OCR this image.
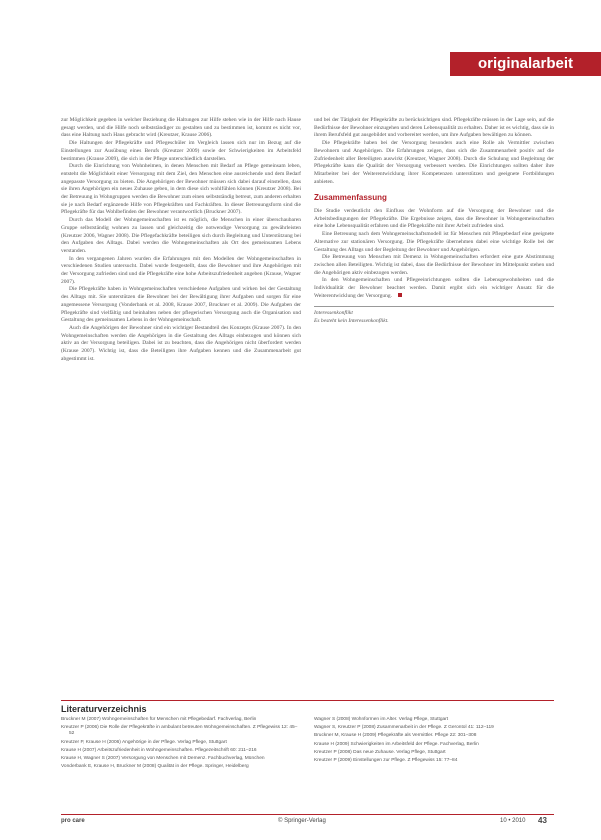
originalarbeit

zur Möglichkeit gegeben in welcher Beziehung die Haltungen zur Hilfe stehen wie in der Hilfe nach Hause gesagt werden, und die Hilfe noch selbstständiger zu gestalten und zu bestimmen ist, kommt es nicht vor, dass eine Haltung nach Haus gebracht wird (Kreutzer, Krause 2006).

Die Haltungen der Pflegekräfte und Pflegeschüler im Vergleich lassen sich nur im Bezug auf die Einstellungen zur Ausübung eines Berufs (Kreutzer 2009) sowie der Schwierigkeiten im Arbeitsfeld bestimmen (Krause 2009), die sich in der Pflege unterschiedlich darstellen.

Durch die Einrichtung von Wohnheimen, in denen Menschen mit Bedarf an Pflege gemeinsam leben, entsteht die Möglichkeit einer Versorgung mit dem Ziel, den Menschen eine ausreichende und dem Bedarf angepasste Versorgung zu bieten. Die Angehörigen der Bewohner müssen sich dabei darauf einstellen, dass sie ihren Angehörigen ein neues Zuhause geben, in dem diese sich wohlfühlen können (Kreutzer 2008). Bei der Betreuung in Wohngruppen werden die Bewohner zum einen selbstständig betreut, zum anderen erhalten sie je nach Bedarf ergänzende Hilfe von Pflegekräften und Fachkräften. In dieser Betreuungsform sind die Pflegekräfte für das Wohlbefinden der Bewohner verantwortlich (Bruckner 2007).

Durch das Modell der Wohngemeinschaften ist es möglich, die Menschen in einer überschaubaren Gruppe selbstständig wohnen zu lassen und gleichzeitig die notwendige Versorgung zu gewährleisten (Kreutzer 2006, Wagner 2008). Die Pflegefachkräfte beteiligen sich durch Begleitung und Unterstützung bei den Aufgaben des Alltags. Dabei werden die Wohngemeinschaften als Ort des gemeinsamen Lebens verstanden.

In den vergangenen Jahren wurden die Erfahrungen mit den Modellen der Wohngemeinschaften in verschiedenen Studien untersucht. Dabei wurde festgestellt, dass die Bewohner und ihre Angehörigen mit der Versorgung zufrieden sind und die Pflegekräfte eine hohe Arbeitszufriedenheit angeben (Krause, Wagner 2007).

Die Pflegekräfte haben in Wohngemeinschaften verschiedene Aufgaben und wirken bei der Gestaltung des Alltags mit. Sie unterstützen die Bewohner bei der Bewältigung ihrer Aufgaben und sorgen für eine angemessene Versorgung (Vonderbank et al. 2008, Krause 2007, Bruckner et al. 2009). Die Aufgaben der Pflegekräfte sind vielfältig und beinhalten neben der pflegerischen Versorgung auch die Organisation und Gestaltung des gemeinsamen Lebens in der Wohngemeinschaft.

Auch die Angehörigen der Bewohner sind ein wichtiger Bestandteil des Konzepts (Krause 2007). In den Wohngemeinschaften werden die Angehörigen in die Gestaltung des Alltags einbezogen und können sich aktiv an der Versorgung beteiligen. Dabei ist zu beachten, dass die Angehörigen nicht überfordert werden (Krause 2007). Wichtig ist, dass die Beteiligten ihre Aufgaben kennen und die Zusammenarbeit gut abgestimmt ist.

und bei der Tätigkeit der Pflegekräfte zu berücksichtigen sind. Pflegekräfte müssen in der Lage sein, auf die Bedürfnisse der Bewohner einzugehen und deren Lebensqualität zu erhalten. Daher ist es wichtig, dass sie in ihrem Berufsfeld gut ausgebildet und vorbereitet werden, um ihre Aufgaben bewältigen zu können.

Die Pflegekräfte haben bei der Versorgung besonders auch eine Rolle als Vermittler zwischen Bewohnern und Angehörigen. Die Erfahrungen zeigen, dass sich die Zusammenarbeit positiv auf die Zufriedenheit aller Beteiligten auswirkt (Kreutzer, Wagner 2008). Durch die Schulung und Begleitung der Pflegekräfte kann die Qualität der Versorgung verbessert werden. Die Einrichtungen sollten daher ihre Mitarbeiter bei der Weiterentwicklung ihrer Kompetenzen unterstützen und geeignete Fortbildungen anbieten.

Zusammenfassung

Die Studie verdeutlicht den Einfluss der Wohnform auf die Versorgung der Bewohner und die Arbeitsbedingungen der Pflegekräfte. Die Ergebnisse zeigen, dass die Bewohner in Wohngemeinschaften eine hohe Lebensqualität erfahren und die Pflegekräfte mit ihrer Arbeit zufrieden sind.

Eine Betreuung nach dem Wohngemeinschaftsmodell ist für Menschen mit Pflegebedarf eine geeignete Alternative zur stationären Versorgung. Die Pflegekräfte übernehmen dabei eine wichtige Rolle bei der Gestaltung des Alltags und der Begleitung der Bewohner und Angehörigen.

Die Betreuung von Menschen mit Demenz in Wohngemeinschaften erfordert eine gute Abstimmung zwischen allen Beteiligten. Wichtig ist dabei, dass die Bedürfnisse der Bewohner im Mittelpunkt stehen und die Angehörigen aktiv einbezogen werden.

In den Wohngemeinschaften und Pflegeeinrichtungen sollten die Lebensgewohnheiten und die Individualität der Bewohner beachtet werden. Damit ergibt sich ein wichtiger Ansatz für die Weiterentwicklung der Versorgung.

Interessenkonflikt
Es besteht kein Interessenkonflikt.
Literaturverzeichnis
Bruckner M (2007) Wohngemeinschaften für Menschen mit Pflegebedarf. Fachverlag, Berlin
Kreutzer P (2006) Die Rolle der Pflegekräfte in ambulant betreuten Wohngemeinschaften. Z Pflegewiss 12: 45–52
Kreutzer P, Krause H (2006) Angehörige in der Pflege. Verlag Pflege, Stuttgart
Krause H (2007) Arbeitszufriedenheit in Wohngemeinschaften. Pflegezeitschrift 60: 211–216
Krause H, Wagner S (2007) Versorgung von Menschen mit Demenz. Fachbuchverlag, München
Vonderbank E, Krause H, Bruckner M (2008) Qualität in der Pflege. Springer, Heidelberg
Wagner S (2008) Wohnformen im Alter. Verlag Pflege, Stuttgart
Wagner S, Kreutzer P (2008) Zusammenarbeit in der Pflege. Z Gerontol 41: 112–119
Bruckner M, Krause H (2009) Pflegekräfte als Vermittler. Pflege 22: 301–308
Krause H (2009) Schwierigkeiten im Arbeitsfeld der Pflege. Fachverlag, Berlin
Kreutzer P (2008) Das neue Zuhause. Verlag Pflege, Stuttgart
Kreutzer P (2009) Einstellungen zur Pflege. Z Pflegewiss 15: 77–84
pro care	© Springer-Verlag	10 • 2010 43
